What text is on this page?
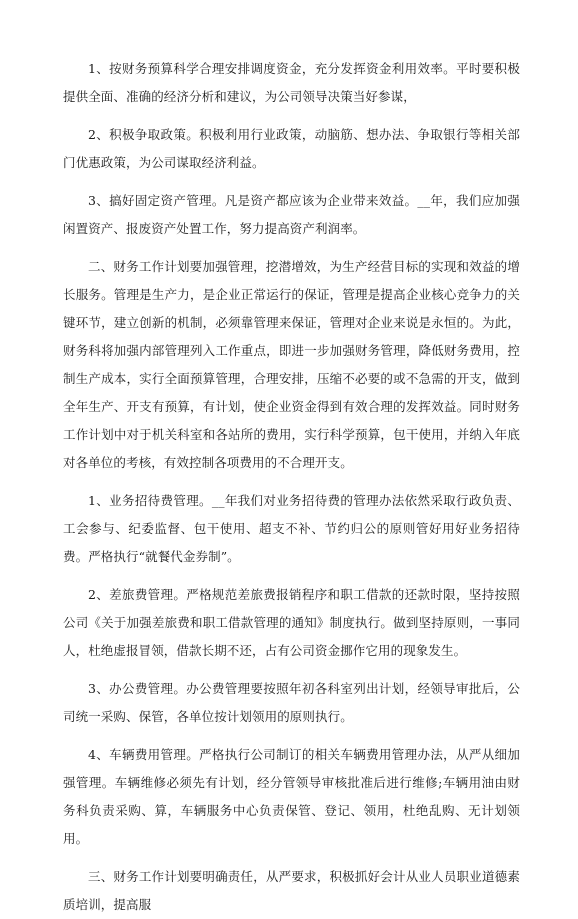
1、按财务预算科学合理安排调度资金，充分发挥资金利用效率。平时要积极提供全面、准确的经济分析和建议，为公司领导决策当好参谋，

2、积极争取政策。积极利用行业政策，动脑筋、想办法、争取银行等相关部门优惠政策，为公司谋取经济利益。

3、搞好固定资产管理。凡是资产都应该为企业带来效益。__年，我们应加强闲置资产、报废资产处置工作，努力提高资产利润率。

二、财务工作计划要加强管理，挖潜增效，为生产经营目标的实现和效益的增长服务。管理是生产力，是企业正常运行的保证，管理是提高企业核心竞争力的关键环节，建立创新的机制，必须靠管理来保证，管理对企业来说是永恒的。为此，财务科将加强内部管理列入工作重点，即进一步加强财务管理，降低财务费用，控制生产成本，实行全面预算管理，合理安排，压缩不必要的或不急需的开支，做到全年生产、开支有预算，有计划，使企业资金得到有效合理的发挥效益。同时财务工作计划中对于机关科室和各站所的费用，实行科学预算，包干使用，并纳入年底对各单位的考核，有效控制各项费用的不合理开支。

1、业务招待费管理。__年我们对业务招待费的管理办法依然采取行政负责、工会参与、纪委监督、包干使用、超支不补、节约归公的原则管好用好业务招待费。严格执行“就餐代金券制”。

2、差旅费管理。严格规范差旅费报销程序和职工借款的还款时限，坚持按照公司《关于加强差旅费和职工借款管理的通知》制度执行。做到坚持原则，一事同人，杜绝虚报冒领，借款长期不还，占有公司资金挪作它用的现象发生。

3、办公费管理。办公费管理要按照年初各科室列出计划，经领导审批后，公司统一采购、保管，各单位按计划领用的原则执行。

4、车辆费用管理。严格执行公司制订的相关车辆费用管理办法，从严从细加强管理。车辆维修必须先有计划，经分管领导审核批准后进行维修;车辆用油由财务科负责采购、算，车辆服务中心负责保管、登记、领用，杜绝乱购、无计划领用。

三、财务工作计划要明确责任，从严要求，积极抓好会计从业人员职业道德素质培训，提高服
